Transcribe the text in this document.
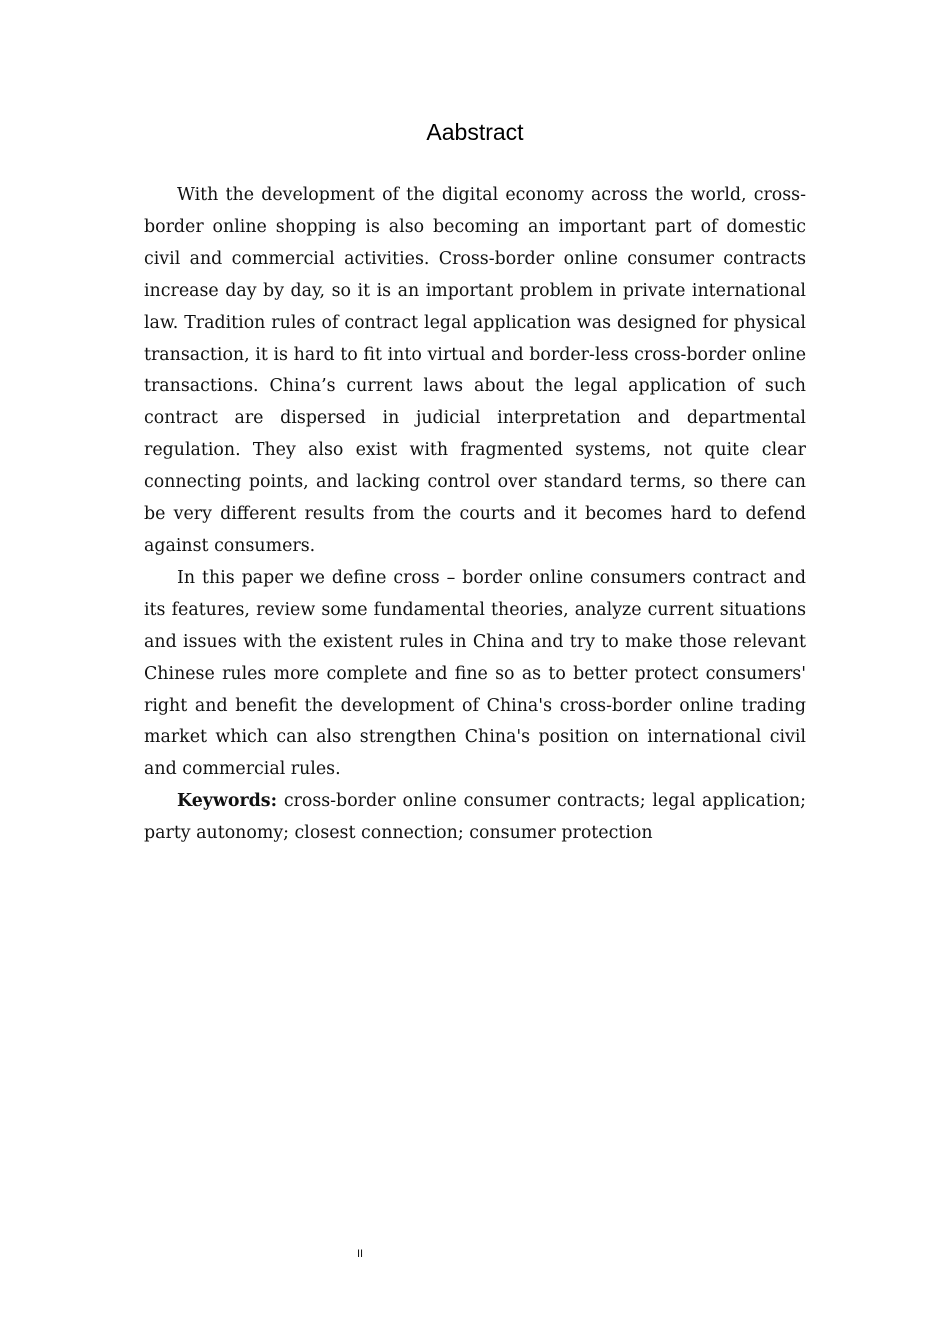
Aabstract

With the development of the digital economy across the world, cross-border online shopping is also becoming an important part of domestic civil and commercial activities. Cross-border online consumer contracts increase day by day, so it is an important problem in private international law. Tradition rules of contract legal application was designed for physical transaction, it is hard to fit into virtual and border-less cross-border online transactions. China’s current laws about the legal application of such contract are dispersed in judicial interpretation and departmental regulation. They also exist with fragmented systems, not quite clear connecting points, and lacking control over standard terms, so there can be very different results from the courts and it becomes hard to defend against consumers.

In this paper we define cross – border online consumers contract and its features, review some fundamental theories, analyze current situations and issues with the existent rules in China and try to make those relevant Chinese rules more complete and fine so as to better protect consumers' right and benefit the development of China's cross-border online trading market which can also strengthen China's position on international civil and commercial rules.

Keywords: cross-border online consumer contracts; legal application; party autonomy; closest connection; consumer protection

II
